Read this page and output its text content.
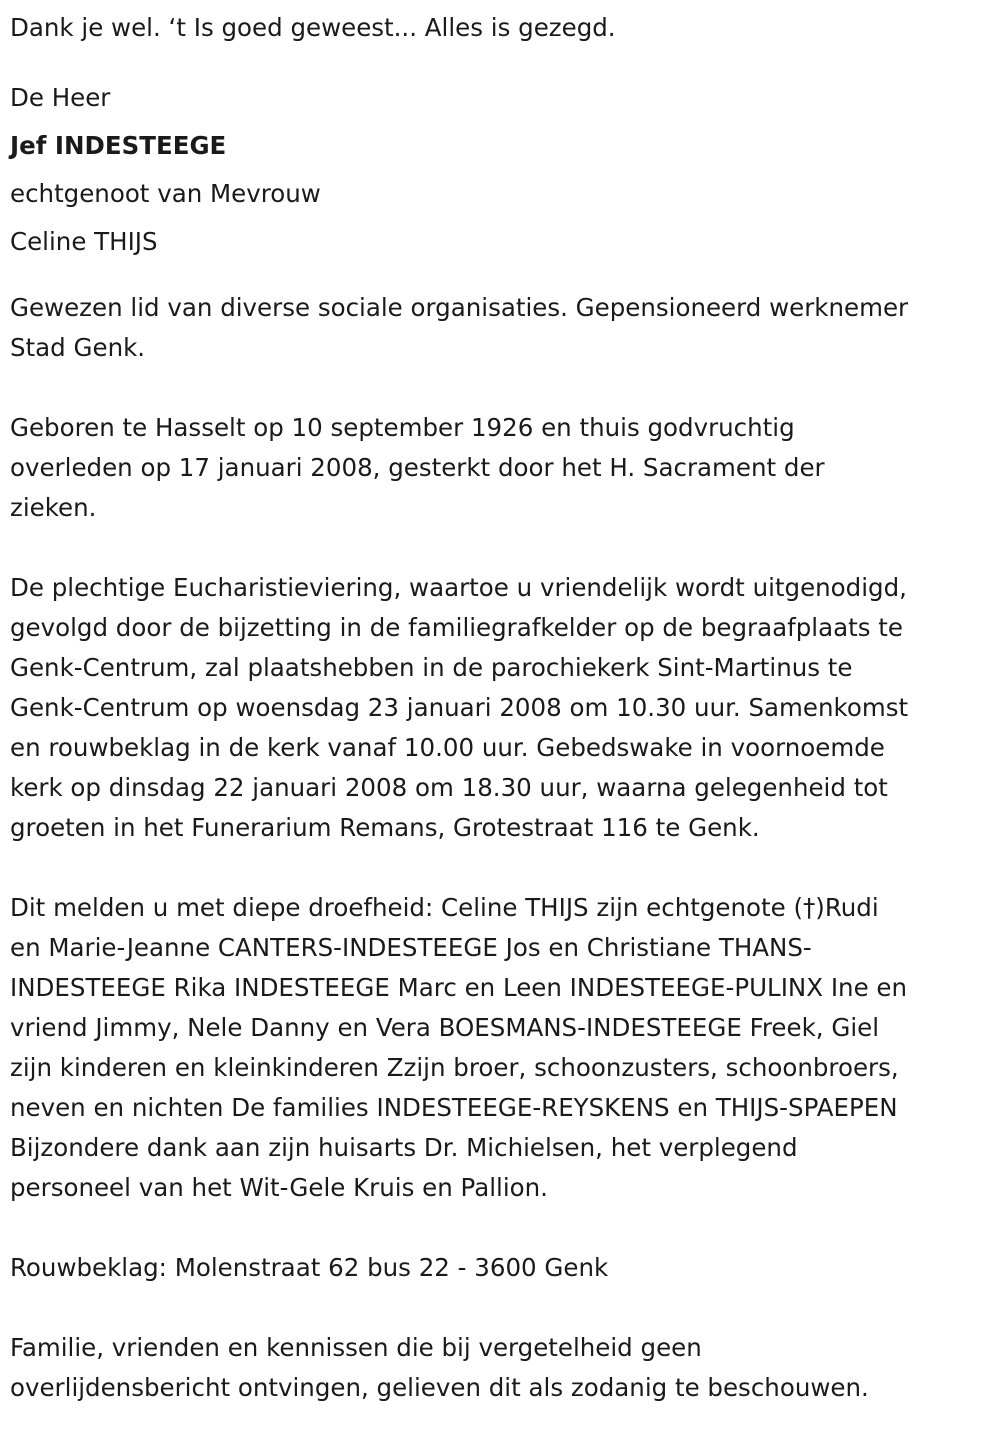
Dank je wel. ‘t Is goed geweest... Alles is gezegd.

De Heer

Jef INDESTEEGE

echtgenoot van Mevrouw

Celine THIJS

Gewezen lid van diverse sociale organisaties. Gepensioneerd werknemer
Stad Genk.
Geboren te Hasselt op 10 september 1926 en thuis godvruchtig
overleden op 17 januari 2008, gesterkt door het H. Sacrament der
zieken.
De plechtige Eucharistieviering, waartoe u vriendelijk wordt uitgenodigd,
gevolgd door de bijzetting in de familiegrafkelder op de begraafplaats te
Genk-Centrum, zal plaatshebben in de parochiekerk Sint-Martinus te
Genk-Centrum op woensdag 23 januari 2008 om 10.30 uur. Samenkomst
en rouwbeklag in de kerk vanaf 10.00 uur. Gebedswake in voornoemde
kerk op dinsdag 22 januari 2008 om 18.30 uur, waarna gelegenheid tot
groeten in het Funerarium Remans, Grotestraat 116 te Genk.
Dit melden u met diepe droefheid: Celine THIJS zijn echtgenote (†)Rudi
en Marie-Jeanne CANTERS-INDESTEEGE Jos en Christiane THANS-
INDESTEEGE Rika INDESTEEGE Marc en Leen INDESTEEGE-PULINX Ine en
vriend Jimmy, Nele Danny en Vera BOESMANS-INDESTEEGE Freek, Giel
zijn kinderen en kleinkinderen Zzijn broer, schoonzusters, schoonbroers,
neven en nichten De families INDESTEEGE-REYSKENS en THIJS-SPAEPEN
Bijzondere dank aan zijn huisarts Dr. Michielsen, het verplegend
personeel van het Wit-Gele Kruis en Pallion.

Rouwbeklag: Molenstraat 62 bus 22 - 3600 Genk

Familie, vrienden en kennissen die bij vergetelheid geen
overlijdensbericht ontvingen, gelieven dit als zodanig te beschouwen.
